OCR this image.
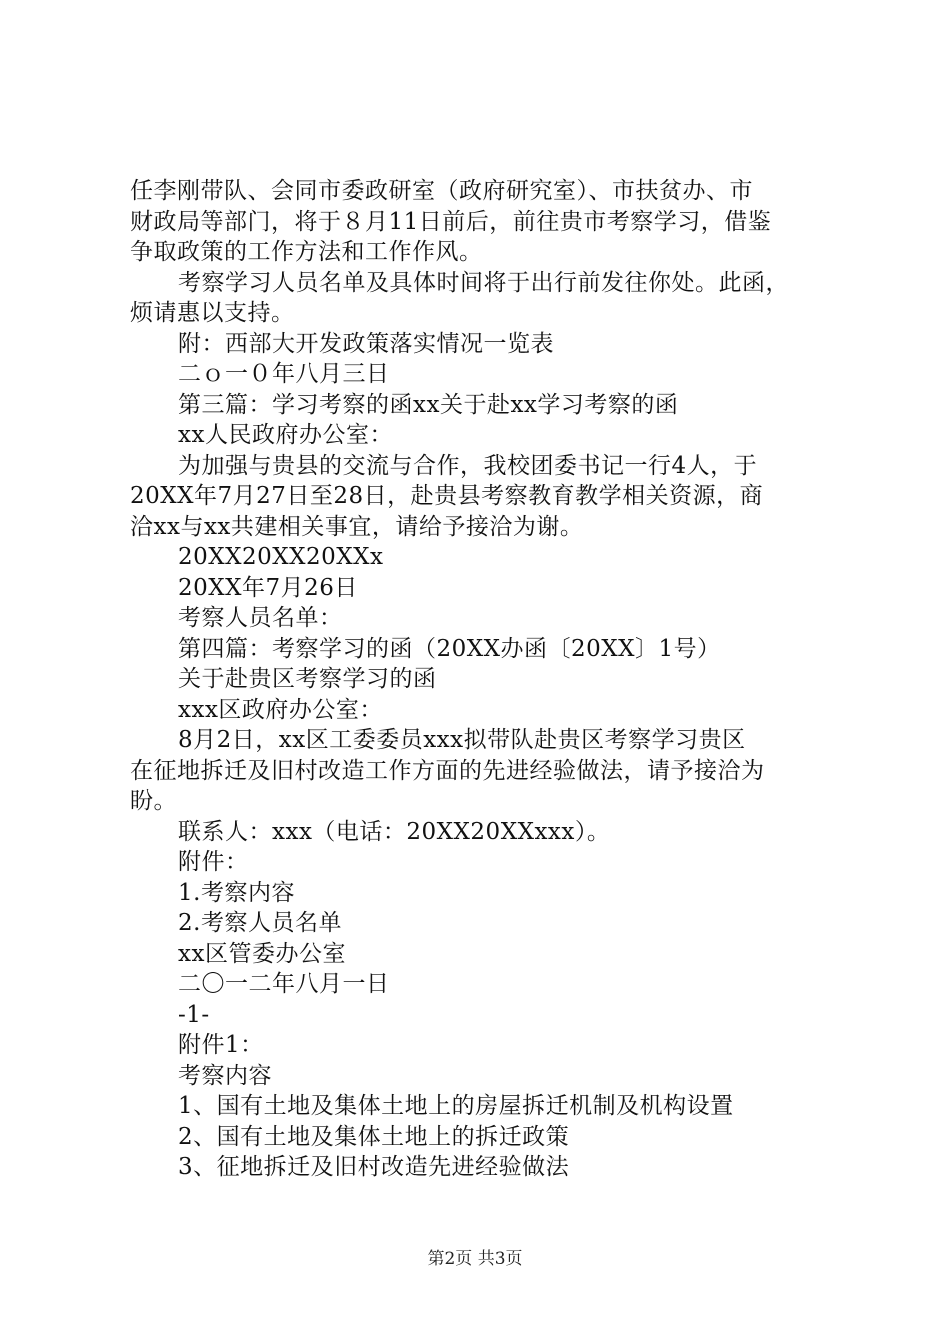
任李刚带队、会同市委政研室（政府研究室）、市扶贫办、市
财政局等部门，将于８月11日前后，前往贵市考察学习，借鉴
争取政策的工作方法和工作作风。
考察学习人员名单及具体时间将于出行前发往你处。此函，
烦请惠以支持。
附：西部大开发政策落实情况一览表
二ｏ一０年八月三日
第三篇：学习考察的函xx关于赴xx学习考察的函
xx人民政府办公室：
为加强与贵县的交流与合作，我校团委书记一行4人，于
20XX年7月27日至28日，赴贵县考察教育教学相关资源，商
洽xx与xx共建相关事宜，请给予接洽为谢。
20XX20XX20XXx
20XX年7月26日
考察人员名单：
第四篇：考察学习的函（20XX办函〔20XX〕1号）
关于赴贵区考察学习的函
xxx区政府办公室：
8月2日，xx区工委委员xxx拟带队赴贵区考察学习贵区
在征地拆迁及旧村改造工作方面的先进经验做法，请予接洽为
盼。
联系人：xxx（电话：20XX20XXxxx）。
附件：
1.考察内容
2.考察人员名单
xx区管委办公室
二〇一二年八月一日
-1-
附件1：
考察内容
1、国有土地及集体土地上的房屋拆迁机制及机构设置
2、国有土地及集体土地上的拆迁政策
3、征地拆迁及旧村改造先进经验做法
第2页 共3页
